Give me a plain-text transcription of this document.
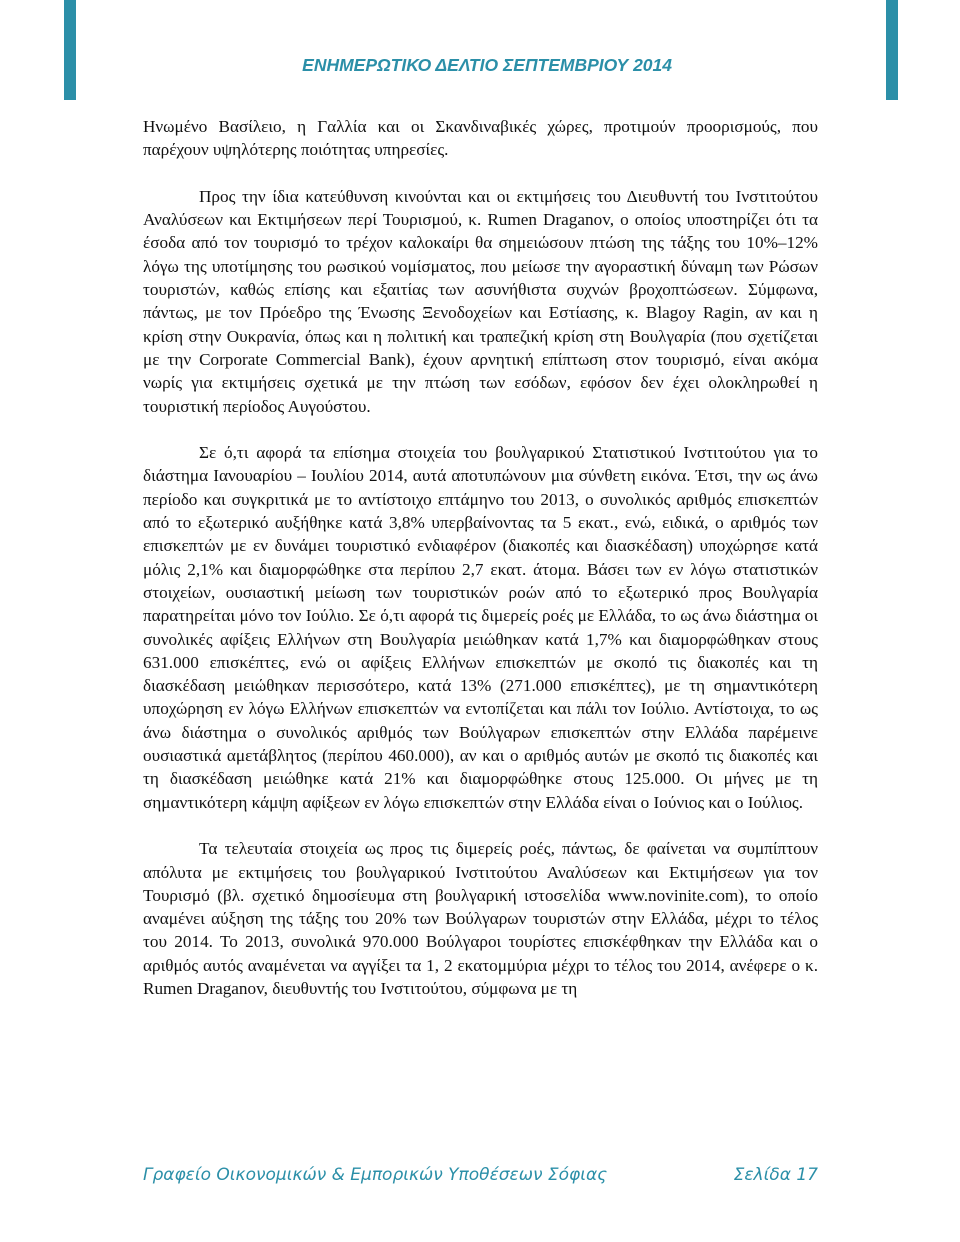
ΕΝΗΜΕΡΩΤΙΚΟ ΔΕΛΤΙΟ ΣΕΠΤΕΜΒΡΙΟΥ 2014

Ηνωμένο Βασίλειο, η Γαλλία και οι Σκανδιναβικές χώρες, προτιμούν προορισμούς, που παρέχουν υψηλότερης ποιότητας υπηρεσίες.

Προς την ίδια κατεύθυνση κινούνται και οι εκτιμήσεις του Διευθυντή του Ινστιτούτου Αναλύσεων και Εκτιμήσεων περί Τουρισμού, κ. Rumen Draganov, ο οποίος υποστηρίζει ότι τα έσοδα από τον τουρισμό το τρέχον καλοκαίρι θα σημειώσουν πτώση της τάξης του 10%–12% λόγω της υποτίμησης του ρωσικού νομίσματος, που μείωσε την αγοραστική δύναμη των Ρώσων τουριστών, καθώς επίσης και εξαιτίας των ασυνήθιστα συχνών βροχοπτώσεων. Σύμφωνα, πάντως, με τον Πρόεδρο της Ένωσης Ξενοδοχείων και Εστίασης, κ. Blagoy Ragin, αν και η κρίση στην Ουκρανία, όπως και η πολιτική και τραπεζική κρίση στη Βουλγαρία (που σχετίζεται με την Corporate Commercial Bank), έχουν αρνητική επίπτωση στον τουρισμό, είναι ακόμα νωρίς για εκτιμήσεις σχετικά με την πτώση των εσόδων, εφόσον δεν έχει ολοκληρωθεί η τουριστική περίοδος Αυγούστου.

Σε ό,τι αφορά τα επίσημα στοιχεία του βουλγαρικού Στατιστικού Ινστιτούτου για το διάστημα Ιανουαρίου – Ιουλίου 2014, αυτά αποτυπώνουν μια σύνθετη εικόνα. Έτσι, την ως άνω περίοδο και συγκριτικά με το αντίστοιχο επτάμηνο του 2013, ο συνολικός αριθμός επισκεπτών από το εξωτερικό αυξήθηκε κατά 3,8% υπερβαίνοντας τα 5 εκατ., ενώ, ειδικά, ο αριθμός των επισκεπτών με εν δυνάμει τουριστικό ενδιαφέρον (διακοπές και διασκέδαση) υποχώρησε κατά μόλις 2,1% και διαμορφώθηκε στα περίπου 2,7 εκατ. άτομα. Βάσει των εν λόγω στατιστικών στοιχείων, ουσιαστική μείωση των τουριστικών ροών από το εξωτερικό προς Βουλγαρία παρατηρείται μόνο τον Ιούλιο. Σε ό,τι αφορά τις διμερείς ροές με Ελλάδα, το ως άνω διάστημα οι συνολικές αφίξεις Ελλήνων στη Βουλγαρία μειώθηκαν κατά 1,7% και διαμορφώθηκαν στους 631.000 επισκέπτες, ενώ οι αφίξεις Ελλήνων επισκεπτών με σκοπό τις διακοπές και τη διασκέδαση μειώθηκαν περισσότερο, κατά 13% (271.000 επισκέπτες), με τη σημαντικότερη υποχώρηση εν λόγω Ελλήνων επισκεπτών να εντοπίζεται και πάλι τον Ιούλιο. Αντίστοιχα, το ως άνω διάστημα ο συνολικός αριθμός των Βούλγαρων επισκεπτών στην Ελλάδα παρέμεινε ουσιαστικά αμετάβλητος (περίπου 460.000), αν και ο αριθμός αυτών με σκοπό τις διακοπές και τη διασκέδαση μειώθηκε κατά 21% και διαμορφώθηκε στους 125.000. Οι μήνες με τη σημαντικότερη κάμψη αφίξεων εν λόγω επισκεπτών στην Ελλάδα είναι ο Ιούνιος και ο Ιούλιος.

Τα τελευταία στοιχεία ως προς τις διμερείς ροές, πάντως, δε φαίνεται να συμπίπτουν απόλυτα με εκτιμήσεις του βουλγαρικού Ινστιτούτου Αναλύσεων και Εκτιμήσεων για τον Τουρισμό (βλ. σχετικό δημοσίευμα στη βουλγαρική ιστοσελίδα www.novinite.com), το οποίο αναμένει αύξηση της τάξης του 20% των Βούλγαρων τουριστών στην Ελλάδα, μέχρι το τέλος του 2014. Το 2013, συνολικά 970.000 Βούλγαροι τουρίστες επισκέφθηκαν την Ελλάδα και ο αριθμός αυτός αναμένεται να αγγίξει τα 1, 2 εκατομμύρια μέχρι το τέλος του 2014, ανέφερε ο κ. Rumen Draganov, διευθυντής του Ινστιτούτου, σύμφωνα με τη

Γραφείο Οικονομικών & Εμπορικών Υποθέσεων Σόφιας	Σελίδα 17
